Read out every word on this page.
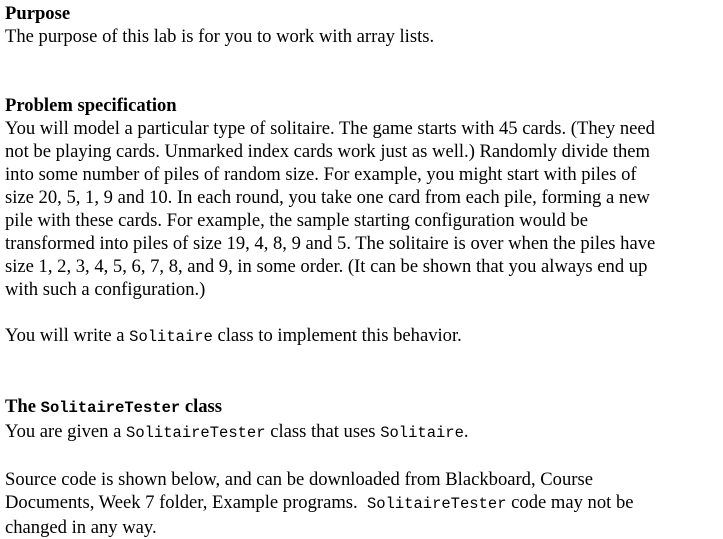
Purpose

The purpose of this lab is for you to work with array lists.

Problem specification
You will model a particular type of solitaire. The game starts with 45 cards. (They need
not be playing cards. Unmarked index cards work just as well.) Randomly divide them
into some number of piles of random size. For example, you might start with piles of
size 20, 5, 1, 9 and 10. In each round, you take one card from each pile, forming a new
pile with these cards. For example, the sample starting configuration would be
transformed into piles of size 19, 4, 8, 9 and 5. The solitaire is over when the piles have
size 1, 2, 3, 4, 5, 6, 7, 8, and 9, in some order. (It can be shown that you always end up
with such a configuration.)

You will write a Solitaire class to implement this behavior.

The SolitaireTester class

You are given a SolitaireTester class that uses Solitaire.

Source code is shown below, and can be downloaded from Blackboard, Course
Documents, Week 7 folder, Example programs.  SolitaireTester code may not be
changed in any way.
